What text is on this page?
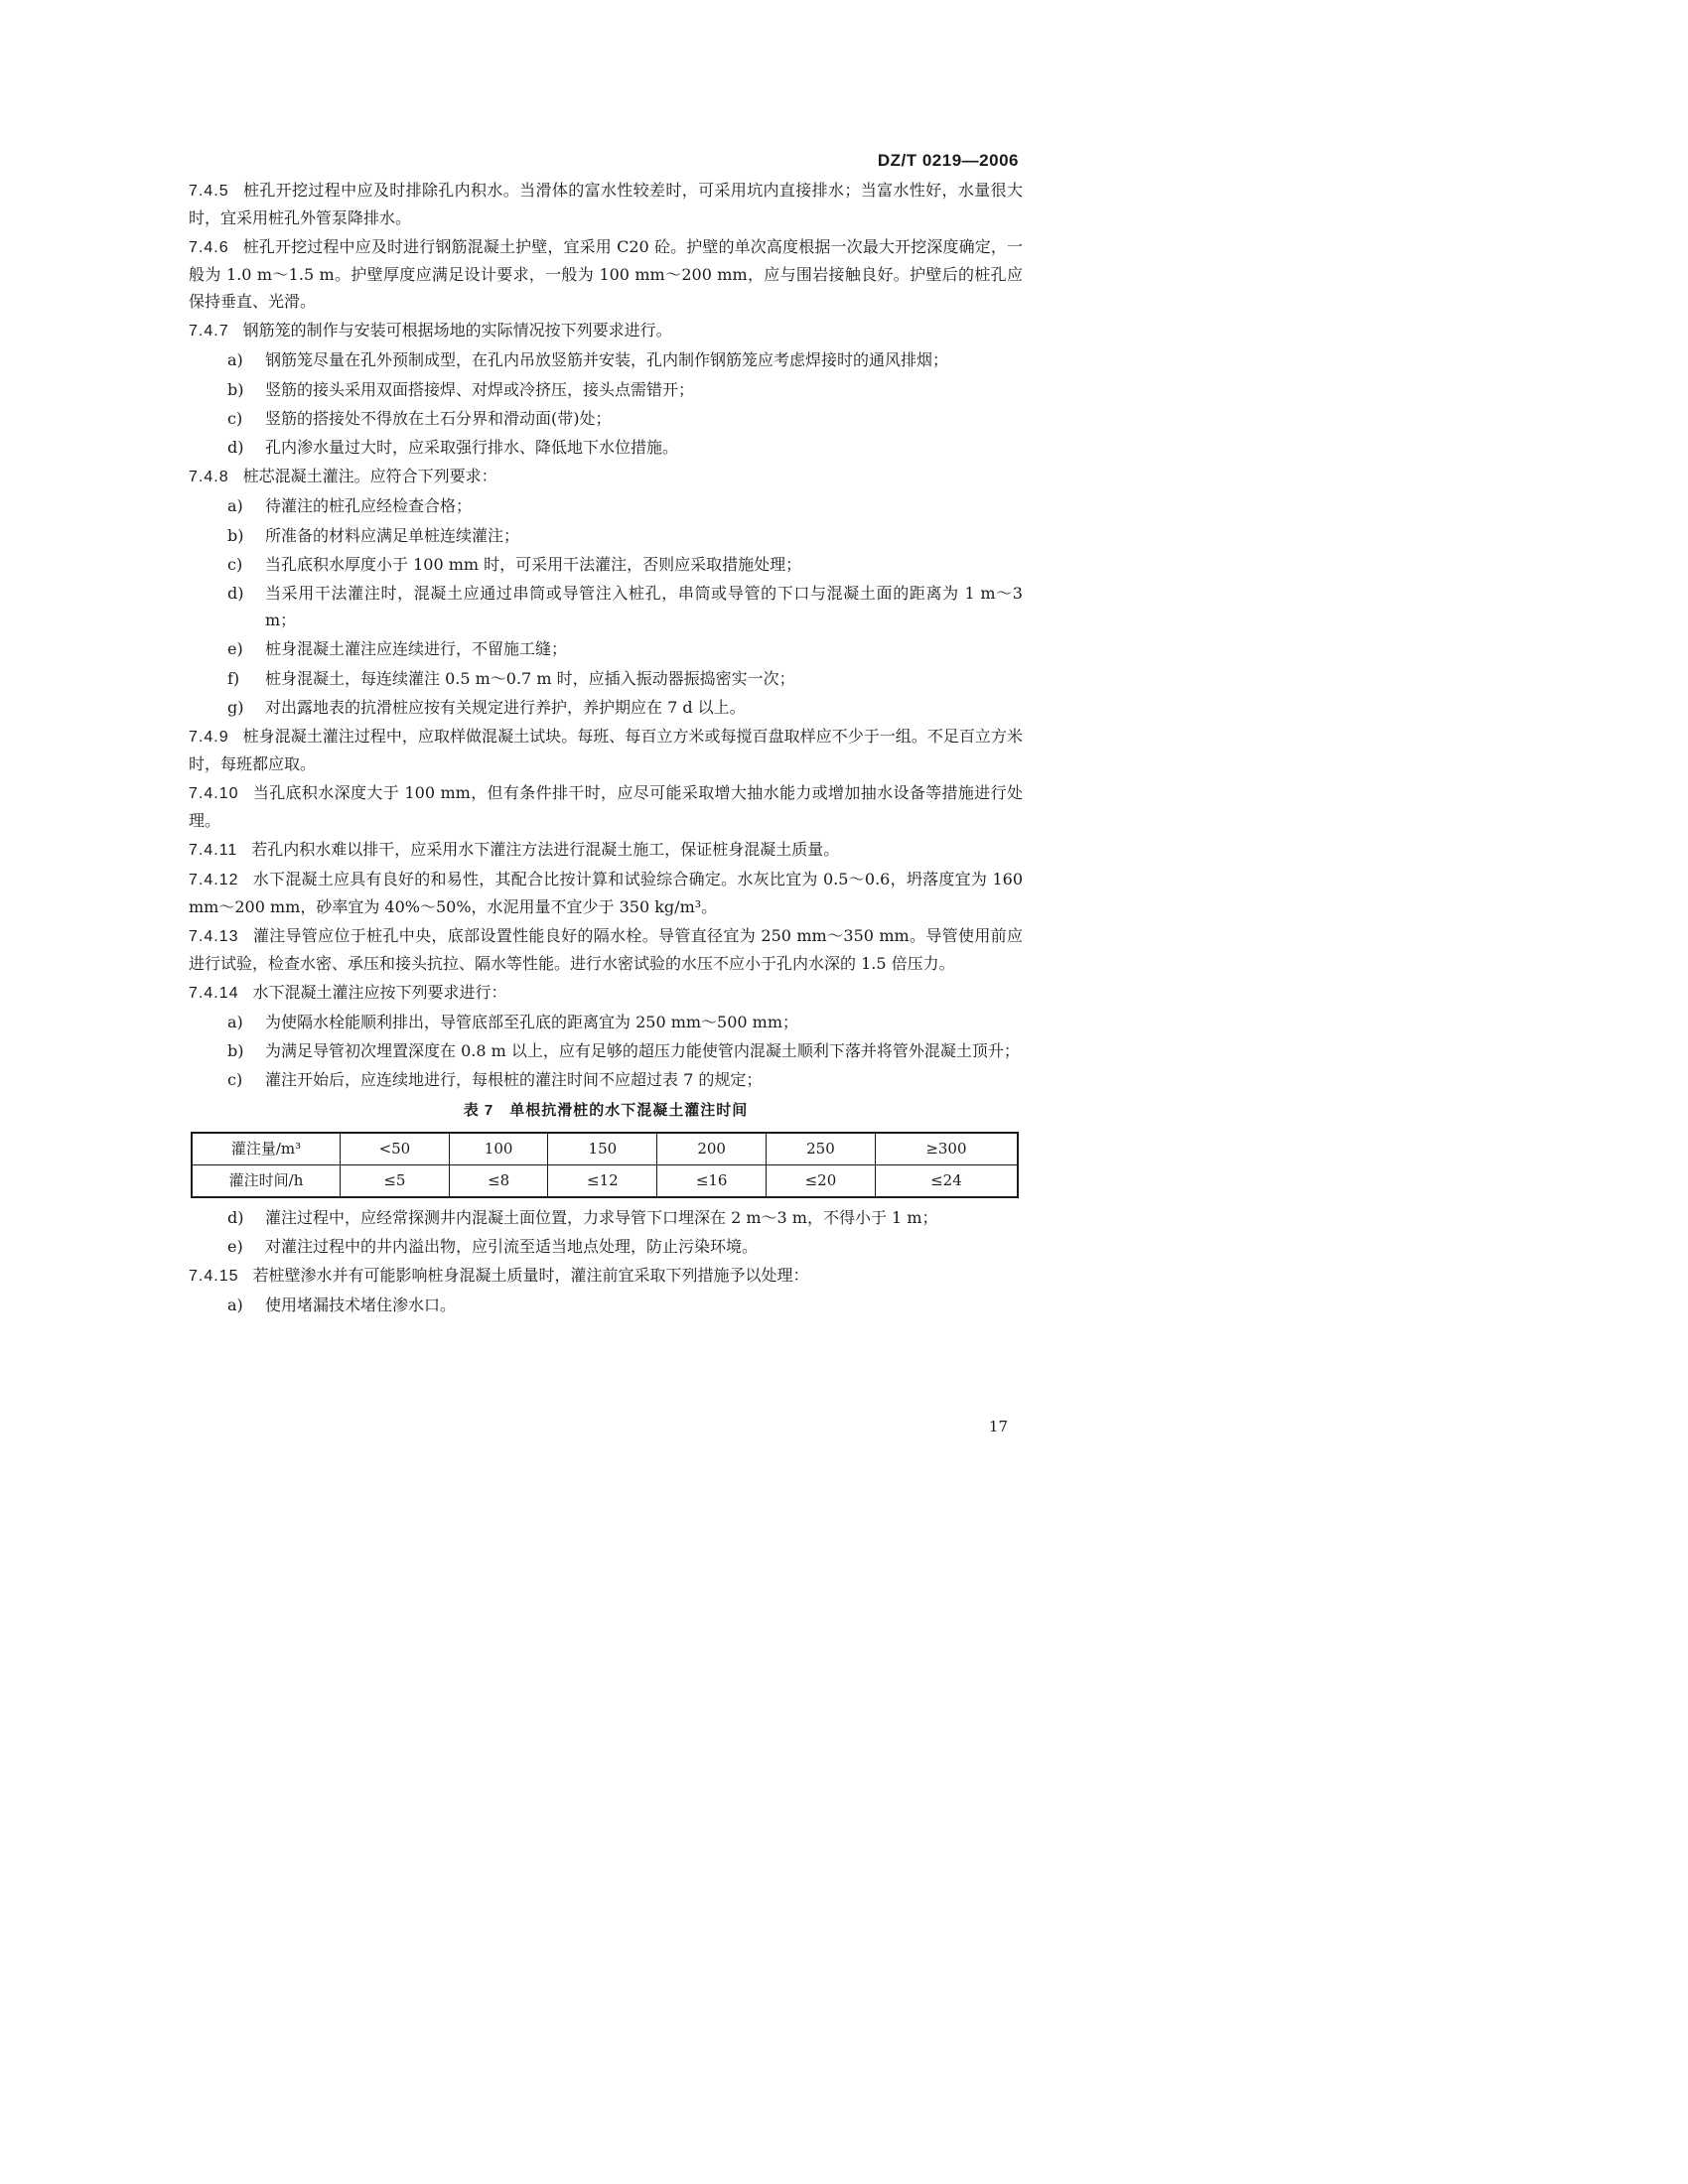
DZ/T 0219—2006

7.4.5 桩孔开挖过程中应及时排除孔内积水。当滑体的富水性较差时，可采用坑内直接排水；当富水性好，水量很大时，宜采用桩孔外管泵降排水。

7.4.6 桩孔开挖过程中应及时进行钢筋混凝土护壁，宜采用 C20 砼。护壁的单次高度根据一次最大开挖深度确定，一般为 1.0 m～1.5 m。护壁厚度应满足设计要求，一般为 100 mm～200 mm，应与围岩接触良好。护壁后的桩孔应保持垂直、光滑。

7.4.7 钢筋笼的制作与安装可根据场地的实际情况按下列要求进行。

a) 钢筋笼尽量在孔外预制成型，在孔内吊放竖筋并安装，孔内制作钢筋笼应考虑焊接时的通风排烟；
b) 竖筋的接头采用双面搭接焊、对焊或冷挤压，接头点需错开；
c) 竖筋的搭接处不得放在土石分界和滑动面(带)处；
d) 孔内渗水量过大时，应采取强行排水、降低地下水位措施。

7.4.8 桩芯混凝土灌注。应符合下列要求：

a) 待灌注的桩孔应经检查合格；
b) 所准备的材料应满足单桩连续灌注；
c) 当孔底积水厚度小于 100 mm 时，可采用干法灌注，否则应采取措施处理；
d) 当采用干法灌注时，混凝土应通过串筒或导管注入桩孔，串筒或导管的下口与混凝土面的距离为 1 m～3 m；
e) 桩身混凝土灌注应连续进行，不留施工缝；
f) 桩身混凝土，每连续灌注 0.5 m～0.7 m 时，应插入振动器振捣密实一次；
g) 对出露地表的抗滑桩应按有关规定进行养护，养护期应在 7 d 以上。

7.4.9 桩身混凝土灌注过程中，应取样做混凝土试块。每班、每百立方米或每搅百盘取样应不少于一组。不足百立方米时，每班都应取。

7.4.10 当孔底积水深度大于 100 mm，但有条件排干时，应尽可能采取增大抽水能力或增加抽水设备等措施进行处理。

7.4.11 若孔内积水难以排干，应采用水下灌注方法进行混凝土施工，保证桩身混凝土质量。

7.4.12 水下混凝土应具有良好的和易性，其配合比按计算和试验综合确定。水灰比宜为 0.5～0.6，坍落度宜为 160 mm～200 mm，砂率宜为 40%～50%，水泥用量不宜少于 350 kg/m³。

7.4.13 灌注导管应位于桩孔中央，底部设置性能良好的隔水栓。导管直径宜为 250 mm～350 mm。导管使用前应进行试验，检查水密、承压和接头抗拉、隔水等性能。进行水密试验的水压不应小于孔内水深的 1.5 倍压力。

7.4.14 水下混凝土灌注应按下列要求进行：

a) 为使隔水栓能顺利排出，导管底部至孔底的距离宜为 250 mm～500 mm；
b) 为满足导管初次埋置深度在 0.8 m 以上，应有足够的超压力能使管内混凝土顺利下落并将管外混凝土顶升；
c) 灌注开始后，应连续地进行，每根桩的灌注时间不应超过表 7 的规定；
表 7　单根抗滑桩的水下混凝土灌注时间
灌注量/m³	<50	100	150	200	250	≥300
灌注时间/h	≤5	≤8	≤12	≤16	≤20	≤24
d) 灌注过程中，应经常探测井内混凝土面位置，力求导管下口埋深在 2 m～3 m，不得小于 1 m；
e) 对灌注过程中的井内溢出物，应引流至适当地点处理，防止污染环境。

7.4.15 若桩壁渗水并有可能影响桩身混凝土质量时，灌注前宜采取下列措施予以处理：

a) 使用堵漏技术堵住渗水口。
17
